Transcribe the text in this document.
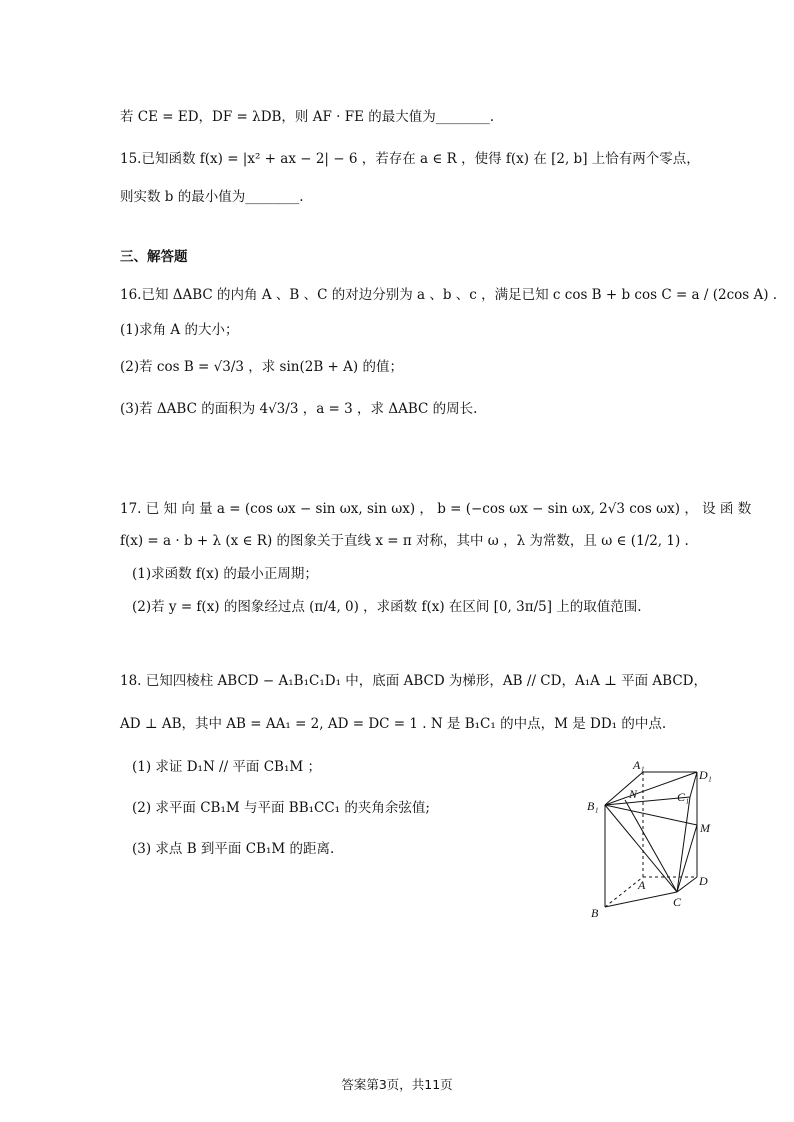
若 CE = ED，DF = λDB，则 AF · FE 的最大值为________.
15.已知函数 f(x) = |x² + ax − 2| − 6 ，若存在 a ∈ R ，使得 f(x) 在 [2, b] 上恰有两个零点，
则实数 b 的最小值为________.
三、解答题
16.已知 ΔABC 的内角 A 、B 、C 的对边分别为 a 、b 、c ，满足已知 c cos B + b cos C = a / (2cos A) .
(1)求角 A 的大小；
(2)若 cos B = √3/3 ，求 sin(2B + A) 的值；
(3)若 ΔABC 的面积为 4√3/3 ，a = 3 ，求 ΔABC 的周长.
17. 已 知 向 量 a = (cos ωx − sin ωx, sin ωx) ， b = (−cos ωx − sin ωx, 2√3 cos ωx) ， 设 函 数
f(x) = a · b + λ (x ∈ R) 的图象关于直线 x = π 对称，其中 ω ，λ 为常数，且 ω ∈ (1/2, 1) .
(1)求函数 f(x) 的最小正周期；
(2)若 y = f(x) 的图象经过点 (π/4, 0) ，求函数 f(x) 在区间 [0, 3π/5] 上的取值范围.
18. 已知四棱柱 ABCD − A₁B₁C₁D₁ 中，底面 ABCD 为梯形，AB // CD，A₁A ⊥ 平面 ABCD，
AD ⊥ AB，其中 AB = AA₁ = 2, AD = DC = 1 . N 是 B₁C₁ 的中点，M 是 DD₁ 的中点.
(1) 求证 D₁N // 平面 CB₁M ；
(2) 求平面 CB₁M 与平面 BB₁CC₁ 的夹角余弦值;
(3) 求点 B 到平面 CB₁M 的距离.
A₁
D₁
N	C₁
B₁
M
A	D
B
C
答案第3页，共11页
